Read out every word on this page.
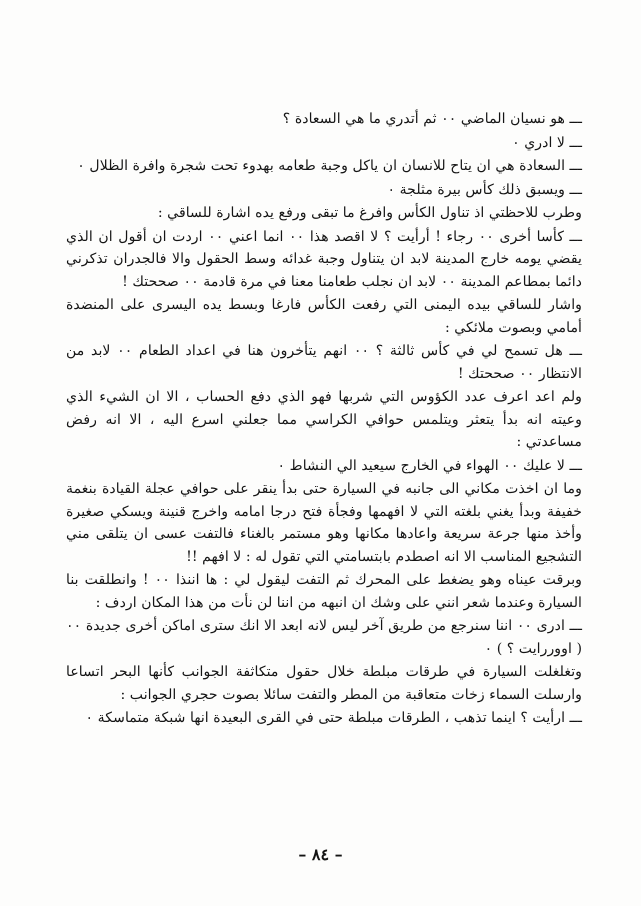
ـــ هو نسيان الماضي ٠٠ ثم أتدري ما هي السعادة ؟

ـــ لا ادري ٠

ـــ السعادة هي ان يتاح للانسان ان ياكل وجبة طعامه بهدوء تحت شجرة وافرة الظلال ٠

ـــ ويسبق ذلك كأس بيرة مثلجة ٠

وطرب للاحظتي اذ تناول الكأس وافرغ ما تبقى ورفع يده اشارة للساقي :

ـــ كأسا أخرى ٠٠ رجاء ! أرأيت ؟ لا اقصد هذا ٠٠ انما اعني ٠٠ اردت ان أقول ان الذي يقضي يومه خارج المدينة لابد ان يتناول وجبة غدائه وسط الحقول والا فالجدران تذكرني دائما بمطاعم المدينة ٠٠ لابد ان نجلب طعامنا معنا في مرة قادمة ٠٠ صححتك !

واشار للساقي بيده اليمنى التي رفعت الكأس فارغا وبسط يده اليسرى على المنضدة أمامي وبصوت ملائكي :

ـــ هل تسمح لي في كأس ثالثة ؟ ٠٠ انهم يتأخرون هنا في اعداد الطعام ٠٠ لابد من الانتظار ٠٠ صححتك !

ولم اعد اعرف عدد الكؤوس التي شربها فهو الذي دفع الحساب ، الا ان الشيء الذي وعيته انه بدأ يتعثر ويتلمس حوافي الكراسي مما جعلني اسرع اليه ، الا انه رفض مساعدتي :

ـــ لا عليك ٠٠ الهواء في الخارج سيعيد الي النشاط ٠

وما ان اخذت مكاني الى جانبه في السيارة حتى بدأ ينقر على حوافي عجلة القيادة بنغمة خفيفة وبدأ يغني بلغته التي لا افهمها وفجأة فتح درجا امامه واخرج قنينة ويسكي صغيرة وأخذ منها جرعة سريعة واعادها مكانها وهو مستمر بالغناء فالتفت عسى ان يتلقى مني التشجيع المناسب الا انه اصطدم بابتسامتي التي تقول له : لا افهم !!

وبرقت عيناه وهو يضغط على المحرك ثم التفت ليقول لي : ها اننذا ٠٠ ! وانطلقت بنا السيارة وعندما شعر انني على وشك ان انبهه من اننا لن نأت من هذا المكان اردف :

ـــ ادرى ٠٠ اننا سنرجع من طريق آخر ليس لانه ابعد الا انك سترى اماكن أخرى جديدة ٠٠ ( اووررايت ؟ ) ٠

وتغلغلت السيارة في طرقات مبلطة خلال حقول متكاثفة الجوانب كأنها البحر اتساعا وارسلت السماء زخات متعاقبة من المطر والتفت سائلا بصوت حجري الجوانب :

ـــ ارأيت ؟ اينما تذهب ، الطرقات مبلطة حتى في القرى البعيدة انها شبكة متماسكة ٠

– ٨٤ –
